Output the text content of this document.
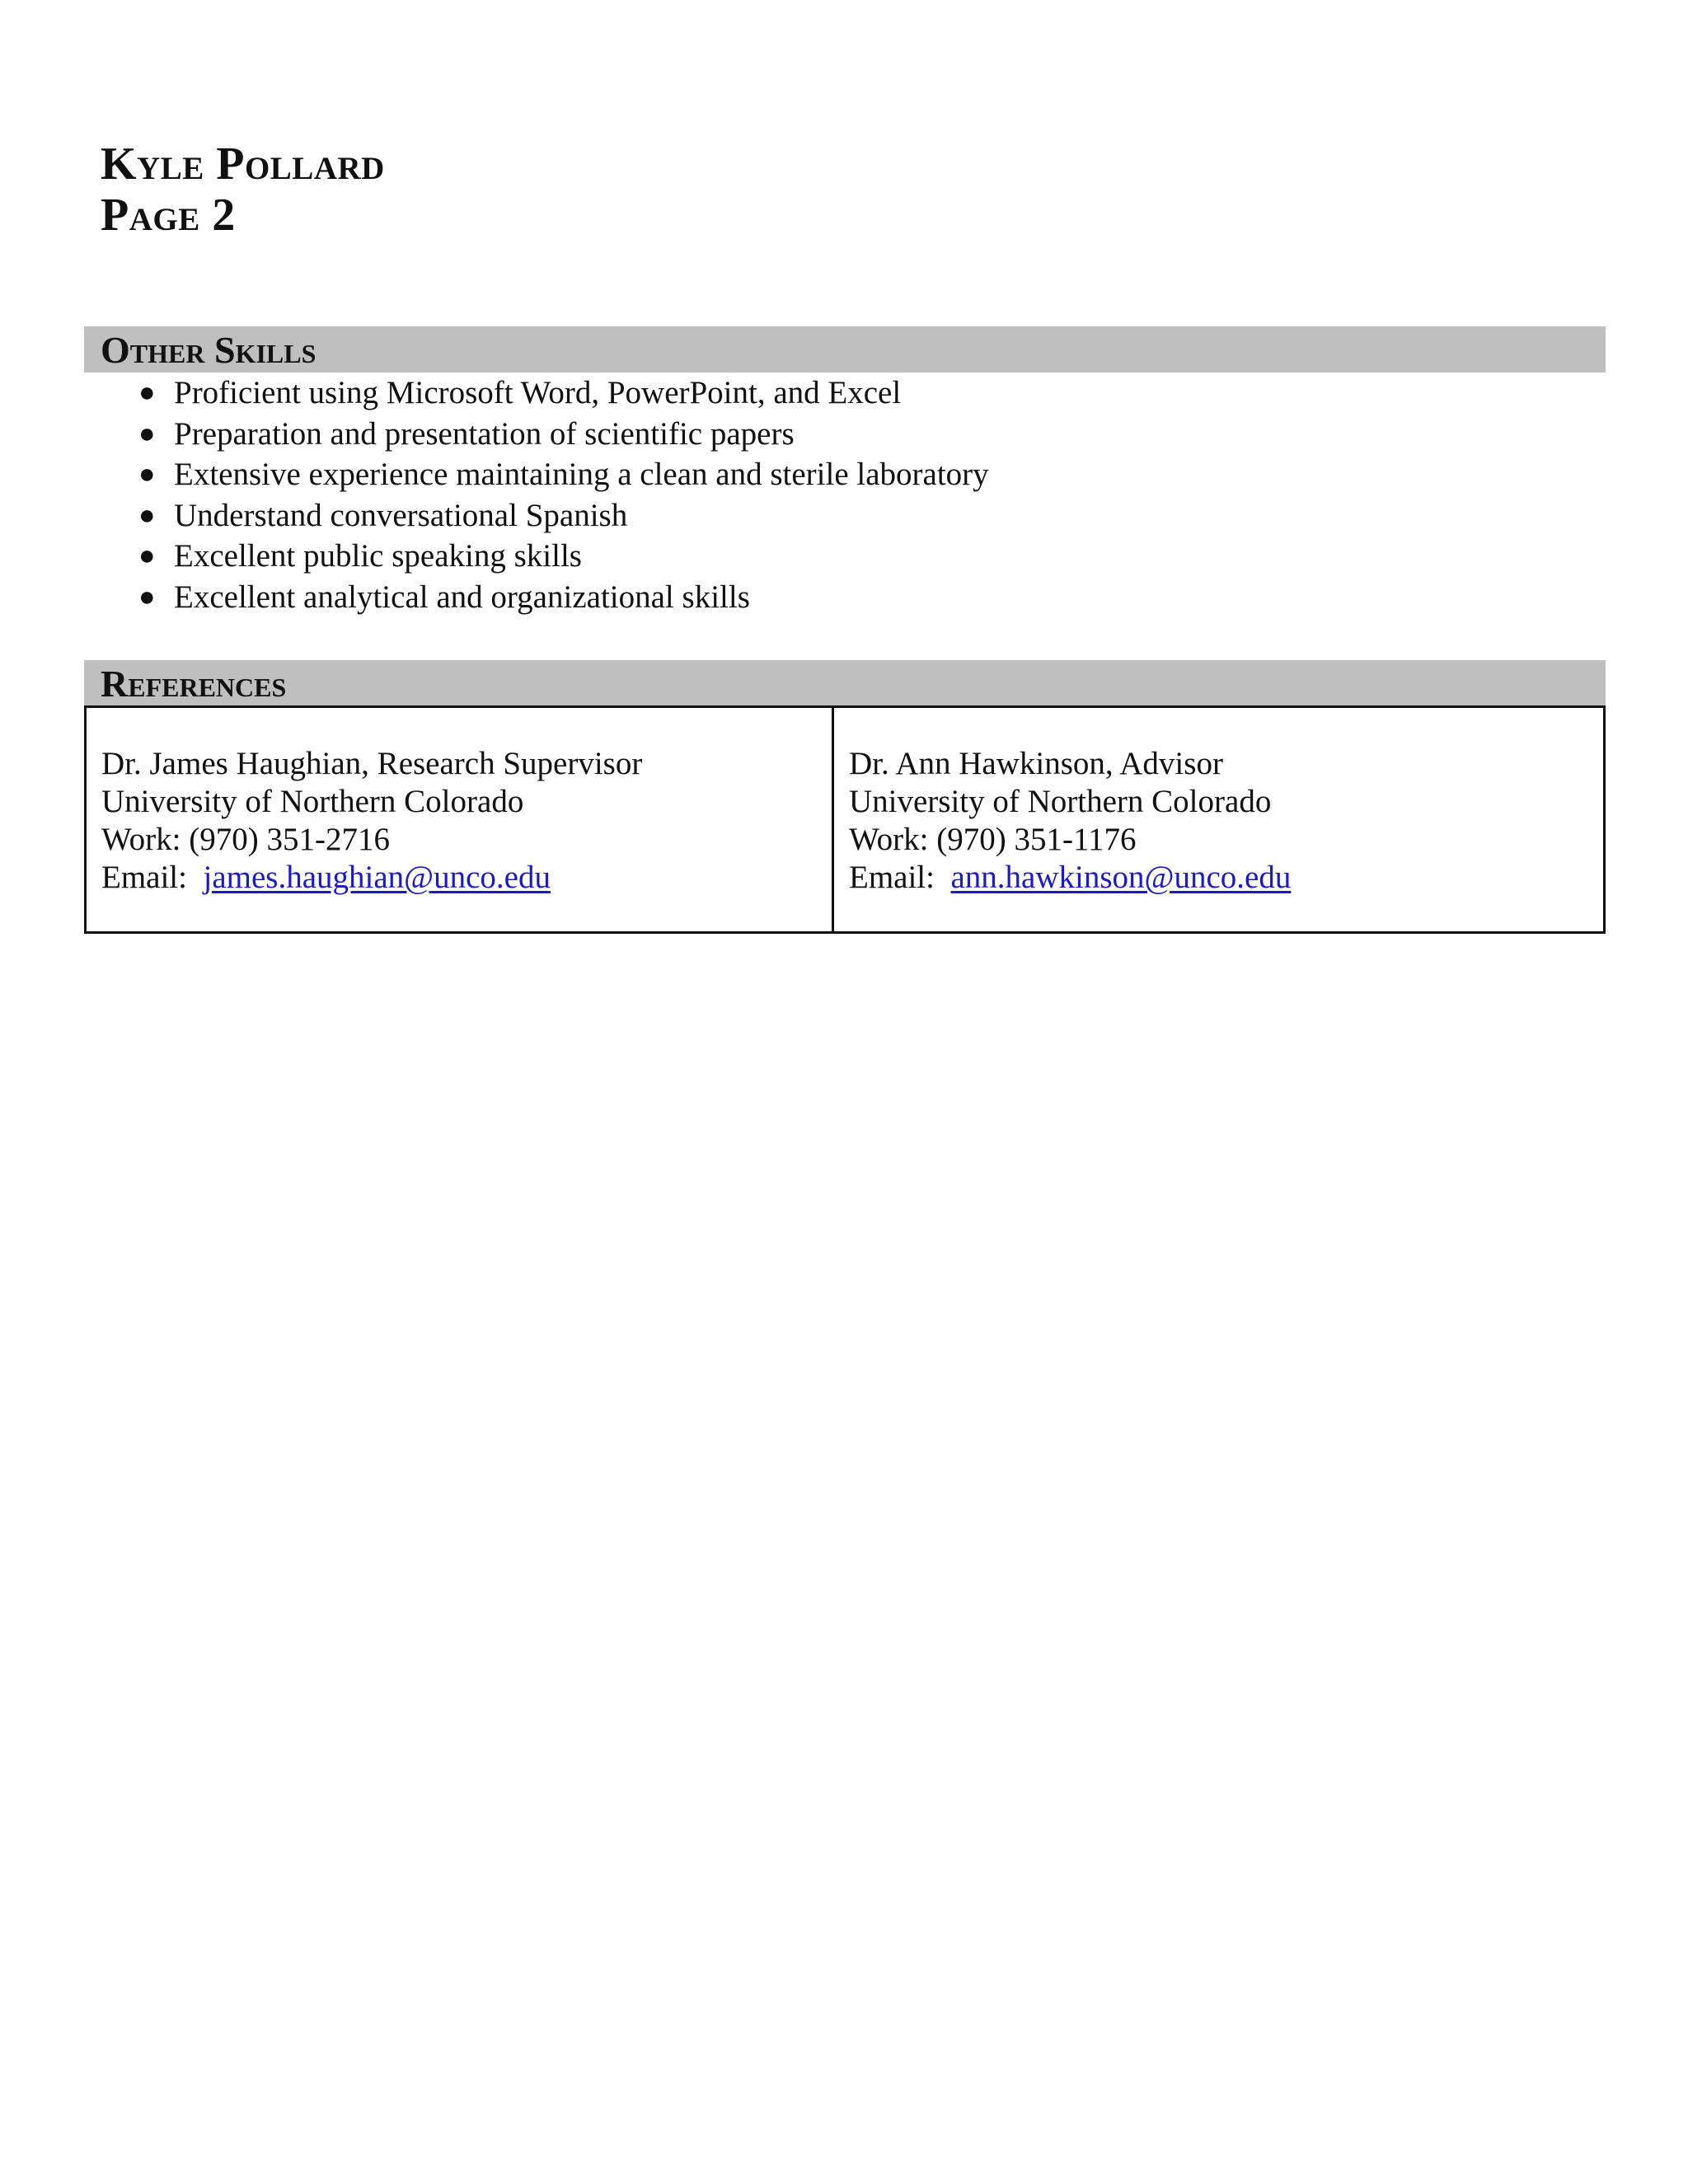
Kyle Pollard
Page 2
Other Skills
● Proficient using Microsoft Word, PowerPoint, and Excel
● Preparation and presentation of scientific papers
● Extensive experience maintaining a clean and sterile laboratory
● Understand conversational Spanish
● Excellent public speaking skills
● Excellent analytical and organizational skills
References
Dr. James Haughian, Research Supervisor
University of Northern Colorado
Work: (970) 351-2716
Email: james.haughian@unco.edu
Dr. Ann Hawkinson, Advisor
University of Northern Colorado
Work: (970) 351-1176
Email: ann.hawkinson@unco.edu
